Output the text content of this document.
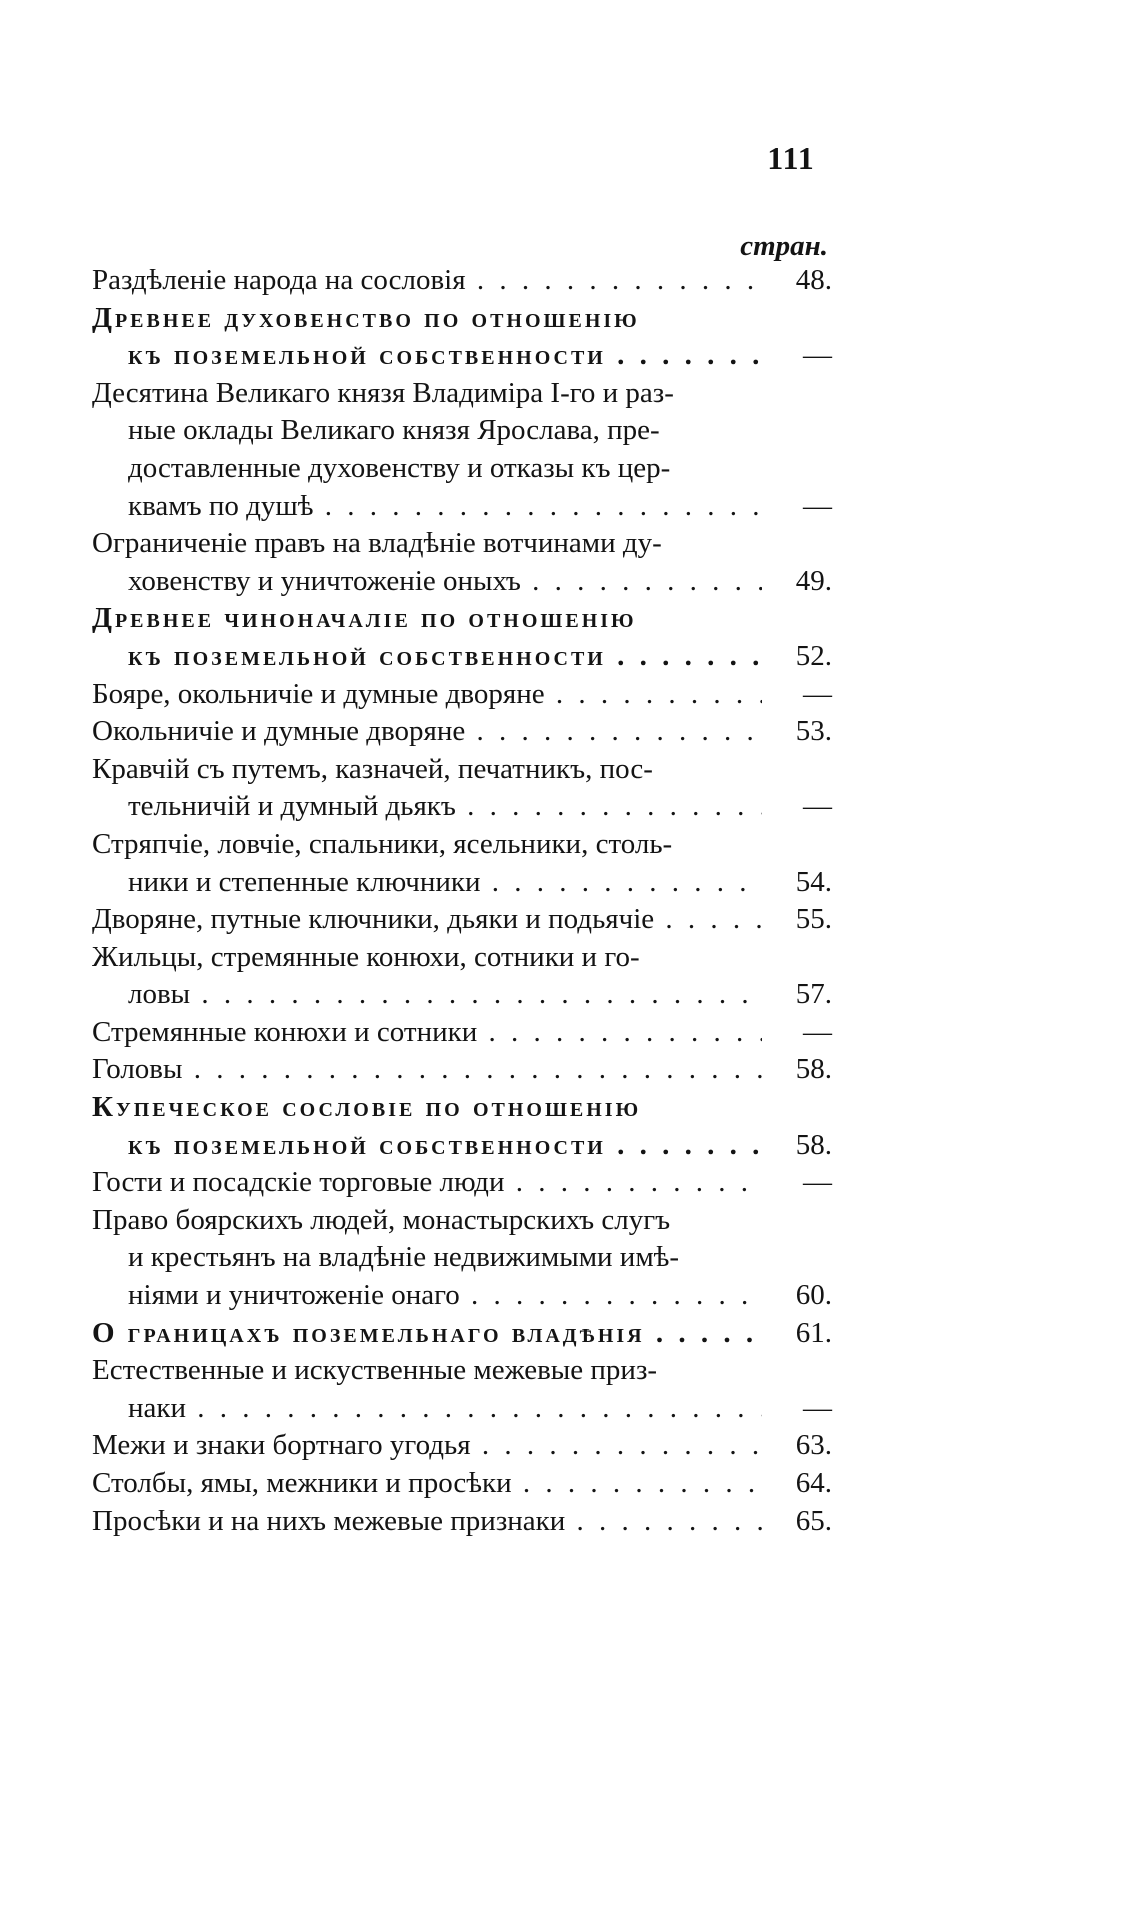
111
стран.
Раздѣленіе народа на сословія . . .	48.
Древнее духовенство по отношенію
къ поземельной собственности . . .	—
Десятина Великаго князя Владиміра I-го и раз-
ные оклады Великаго князя Ярослава, пре-
доставленные духовенству и отказы къ цер-
квамъ по душѣ . . .	—
Ограниченіе правъ на владѣніе вотчинами ду-
ховенству и уничтоженіе оныхъ . . .	49.
Древнее чиноначаліе по отношенію
къ поземельной собственности . . .	52.
Бояре, окольничіе и думные дворяне . . .	—
Окольничіе и думные дворяне . . .	53.
Кравчій съ путемъ, казначей, печатникъ, пос-
тельничій и думный дьякъ . . .	—
Стряпчіе, ловчіе, спальники, ясельники, столь-
ники и степенные ключники . . .	54.
Дворяне, путные ключники, дьяки и подьячіе . . .	55.
Жильцы, стремянные конюхи, сотники и го-
ловы . . .	57.
Стремянные конюхи и сотники . . .	—
Головы . . .	58.
Купеческое сословіе по отношенію
къ поземельной собственности . . .	58.
Гости и посадскіе торговые люди . . .	—
Право боярскихъ людей, монастырскихъ слугъ
и крестьянъ на владѣніе недвижимыми имѣ-
ніями и уничтоженіе онаго . . .	60.
О границахъ поземельнаго владѣнія . . .	61.
Естественные и искуственные межевые приз-
наки . . .	—
Межи и знаки бортнаго угодья . . .	63.
Столбы, ямы, межники и просѣки . . .	64.
Просѣки и на нихъ межевые признаки . . .	65.
